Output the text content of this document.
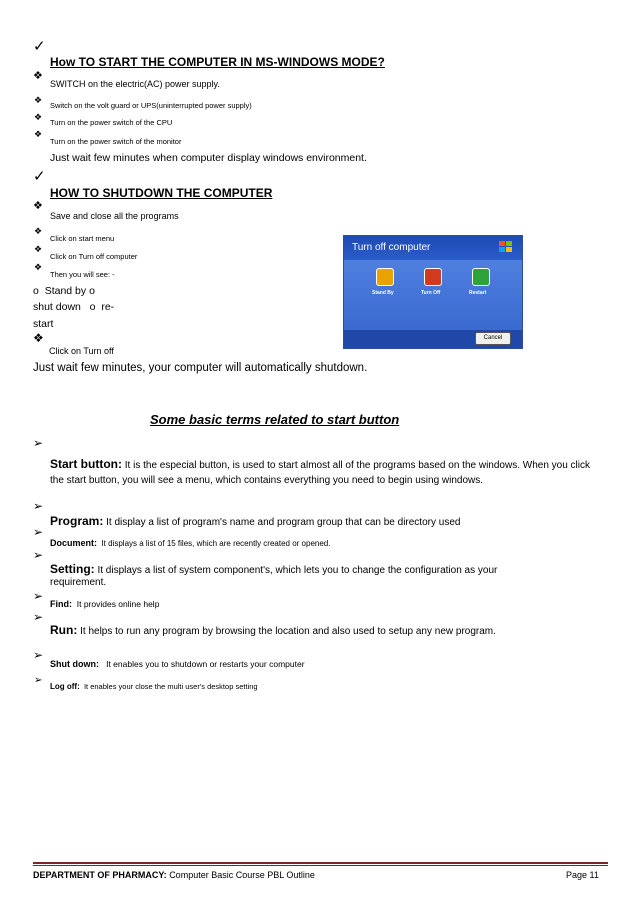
✓
How TO START THE COMPUTER IN MS-WINDOWS MODE?
❖
SWITCH on the electric(AC) power supply.
❖ Switch on the volt guard or UPS(uninterrupted power supply)
❖ Turn on the power switch of the CPU
❖
Turn on the power switch of the monitor
Just wait few minutes when computer display windows environment.
✓
HOW TO SHUTDOWN THE COMPUTER
❖
Save and close all the programs
❖
Click on start menu
❖
Click on Turn off computer
❖
Then you will see: -
o Stand by o
shut down o re-
start
❖
Click on Turn off
Just wait few minutes, your computer will automatically shutdown.
Turn off computer
Stand By	Turn Off	Restart
Cancel
Some basic terms related to start button
➢
Start button: It is the especial button, is used to start almost all of the programs based on the windows. When you click the start button, you will see a menu, which contains everything you need to begin using windows.
➢
Program: It display a list of program's name and program group that can be directory used
➢
Document: It displays a list of 15 files, which are recently created or opened.
➢
Setting: It displays a list of system component's, which lets you to change the configuration as your requirement.
➢
Find: It provides online help
➢
Run: It helps to run any program by browsing the location and also used to setup any new program.
➢
Shut down: It enables you to shutdown or restarts your computer
➢
Log off: It enables your close the multi user's desktop setting
DEPARTMENT OF PHARMACY: Computer Basic Course PBL Outline	Page 11
